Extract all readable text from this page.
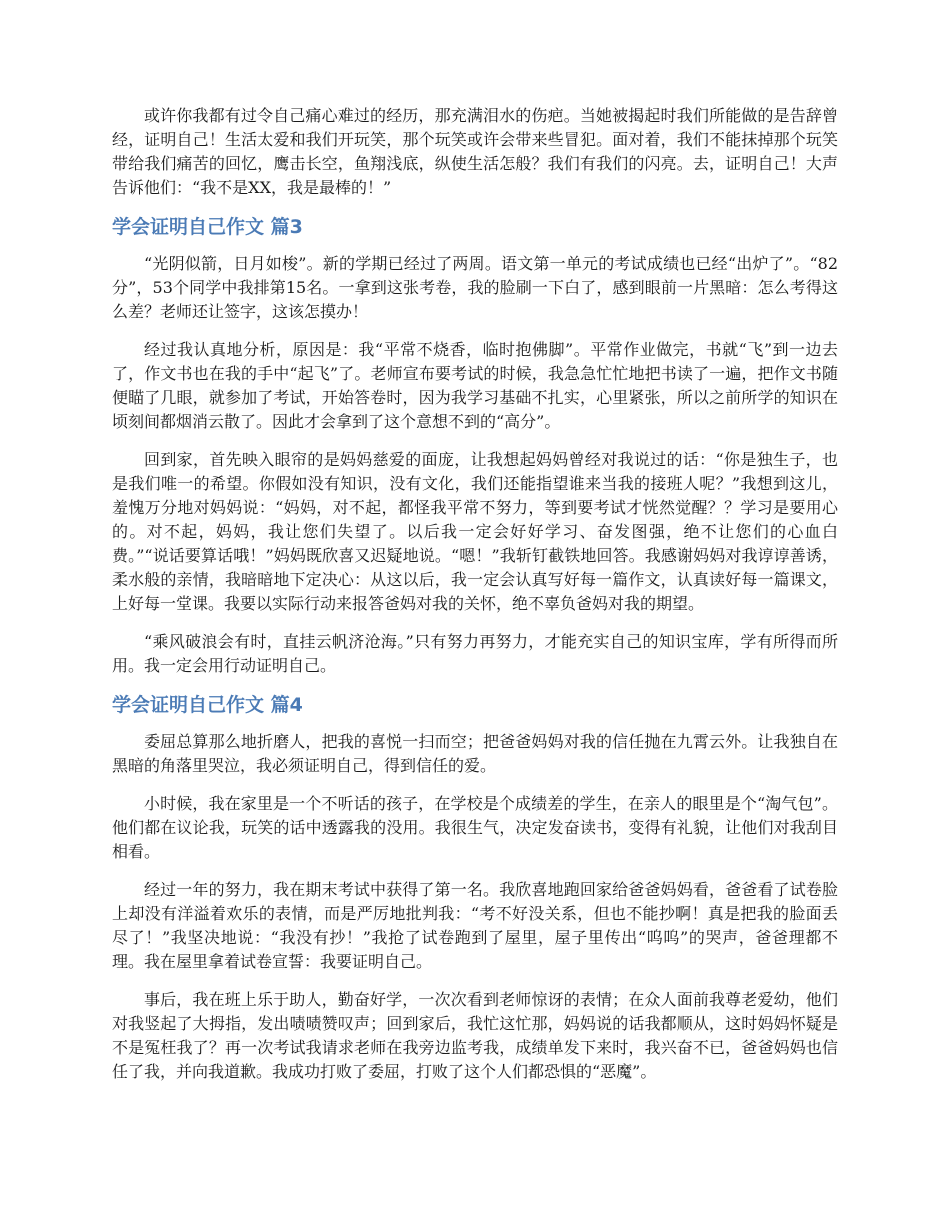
或许你我都有过令自己痛心难过的经历，那充满泪水的伤疤。当她被揭起时我们所能做的是告辞曾经，证明自己！生活太爱和我们开玩笑，那个玩笑或许会带来些冒犯。面对着，我们不能抹掉那个玩笑带给我们痛苦的回忆，鹰击长空，鱼翔浅底，纵使生活怎般？我们有我们的闪亮。去，证明自己！大声告诉他们：“我不是XX，我是最棒的！”

学会证明自己作文 篇3

“光阴似箭，日月如梭”。新的学期已经过了两周。语文第一单元的考试成绩也已经“出炉了”。“82分”，53个同学中我排第15名。一拿到这张考卷，我的脸刷一下白了，感到眼前一片黑暗：怎么考得这么差？老师还让签字，这该怎摸办！

经过我认真地分析，原因是：我“平常不烧香，临时抱佛脚”。平常作业做完，书就“飞”到一边去了，作文书也在我的手中“起飞”了。老师宣布要考试的时候，我急急忙忙地把书读了一遍，把作文书随便瞄了几眼，就参加了考试，开始答卷时，因为我学习基础不扎实，心里紧张，所以之前所学的知识在顷刻间都烟消云散了。因此才会拿到了这个意想不到的“高分”。

回到家，首先映入眼帘的是妈妈慈爱的面庞，让我想起妈妈曾经对我说过的话：“你是独生子，也是我们唯一的希望。你假如没有知识，没有文化，我们还能指望谁来当我的接班人呢？”我想到这儿，羞愧万分地对妈妈说：“妈妈，对不起，都怪我平常不努力，等到要考试才恍然觉醒？？学习是要用心的。对不起，妈妈，我让您们失望了。以后我一定会好好学习、奋发图强，绝不让您们的心血白费。”“说话要算话哦！”妈妈既欣喜又迟疑地说。“嗯！”我斩钉截铁地回答。我感谢妈妈对我谆谆善诱，柔水般的亲情，我暗暗地下定决心：从这以后，我一定会认真写好每一篇作文，认真读好每一篇课文，上好每一堂课。我要以实际行动来报答爸妈对我的关怀，绝不辜负爸妈对我的期望。

“乘风破浪会有时，直挂云帆济沧海。”只有努力再努力，才能充实自己的知识宝库，学有所得而所用。我一定会用行动证明自己。

学会证明自己作文 篇4

委屈总算那么地折磨人，把我的喜悦一扫而空；把爸爸妈妈对我的信任抛在九霄云外。让我独自在黑暗的角落里哭泣，我必须证明自己，得到信任的爱。

小时候，我在家里是一个不听话的孩子，在学校是个成绩差的学生，在亲人的眼里是个“淘气包”。他们都在议论我，玩笑的话中透露我的没用。我很生气，决定发奋读书，变得有礼貌，让他们对我刮目相看。

经过一年的努力，我在期末考试中获得了第一名。我欣喜地跑回家给爸爸妈妈看，爸爸看了试卷脸上却没有洋溢着欢乐的表情，而是严厉地批判我：“考不好没关系，但也不能抄啊！真是把我的脸面丢尽了！”我坚决地说：“我没有抄！”我抢了试卷跑到了屋里，屋子里传出“呜呜”的哭声，爸爸理都不理。我在屋里拿着试卷宣誓：我要证明自己。

事后，我在班上乐于助人，勤奋好学，一次次看到老师惊讶的表情；在众人面前我尊老爱幼，他们对我竖起了大拇指，发出啧啧赞叹声；回到家后，我忙这忙那，妈妈说的话我都顺从，这时妈妈怀疑是不是冤枉我了？再一次考试我请求老师在我旁边监考我，成绩单发下来时，我兴奋不已，爸爸妈妈也信任了我，并向我道歉。我成功打败了委屈，打败了这个人们都恐惧的“恶魔”。
